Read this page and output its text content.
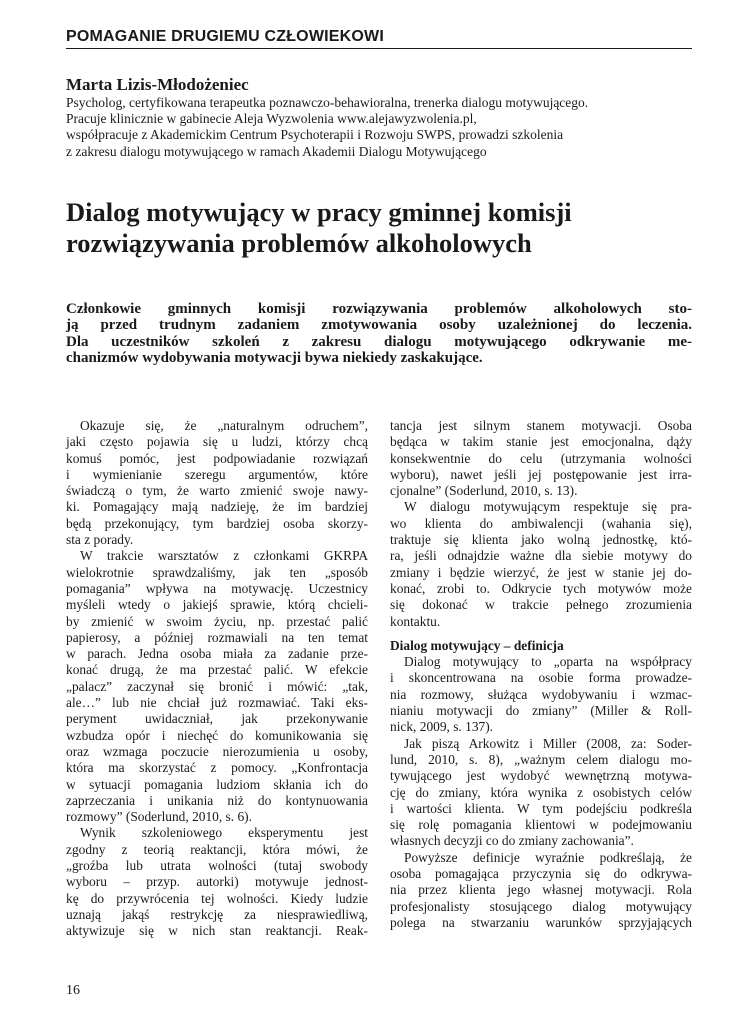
POMAGANIE DRUGIEMU CZŁOWIEKOWI

Marta Lizis-Młodożeniec

Psycholog, certyfikowana terapeutka poznawczo-behawioralna, trenerka dialogu motywującego.
Pracuje klinicznie w gabinecie Aleja Wyzwolenia www.alejawyzwolenia.pl,
współpracuje z Akademickim Centrum Psychoterapii i Rozwoju SWPS, prowadzi szkolenia
z zakresu dialogu motywującego w ramach Akademii Dialogu Motywującego
Dialog motywujący w pracy gminnej komisji
rozwiązywania problemów alkoholowych
Członkowie gminnych komisji rozwiązywania problemów alkoholowych sto-
ją przed trudnym zadaniem zmotywowania osoby uzależnionej do leczenia.
Dla uczestników szkoleń z zakresu dialogu motywującego odkrywanie me-
chanizmów wydobywania motywacji bywa niekiedy zaskakujące.
Okazuje się, że „naturalnym odruchem”,
jaki często pojawia się u ludzi, którzy chcą
komuś pomóc, jest podpowiadanie rozwiązań
i wymienianie szeregu argumentów, które
świadczą o tym, że warto zmienić swoje nawy-
ki. Pomagający mają nadzieję, że im bardziej
będą przekonujący, tym bardziej osoba skorzy-
sta z porady.
W trakcie warsztatów z członkami GKRPA
wielokrotnie sprawdzaliśmy, jak ten „sposób
pomagania” wpływa na motywację. Uczestnicy
myśleli wtedy o jakiejś sprawie, którą chcieli-
by zmienić w swoim życiu, np. przestać palić
papierosy, a później rozmawiali na ten temat
w parach. Jedna osoba miała za zadanie prze-
konać drugą, że ma przestać palić. W efekcie
„palacz” zaczynał się bronić i mówić: „tak,
ale…” lub nie chciał już rozmawiać. Taki eks-
peryment uwidaczniał, jak przekonywanie
wzbudza opór i niechęć do komunikowania się
oraz wzmaga poczucie nierozumienia u osoby,
która ma skorzystać z pomocy. „Konfrontacja
w sytuacji pomagania ludziom skłania ich do
zaprzeczania i unikania niż do kontynuowania
rozmowy” (Soderlund, 2010, s. 6).
Wynik szkoleniowego eksperymentu jest
zgodny z teorią reaktancji, która mówi, że
„groźba lub utrata wolności (tutaj swobody
wyboru – przyp. autorki) motywuje jednost-
kę do przywrócenia tej wolności. Kiedy ludzie
uznają jakąś restrykcję za niesprawiedliwą,
aktywizuje się w nich stan reaktancji. Reak-
tancja jest silnym stanem motywacji. Osoba
będąca w takim stanie jest emocjonalna, dąży
konsekwentnie do celu (utrzymania wolności
wyboru), nawet jeśli jej postępowanie jest irra-
cjonalne” (Soderlund, 2010, s. 13).
W dialogu motywującym respektuje się pra-
wo klienta do ambiwalencji (wahania się),
traktuje się klienta jako wolną jednostkę, któ-
ra, jeśli odnajdzie ważne dla siebie motywy do
zmiany i będzie wierzyć, że jest w stanie jej do-
konać, zrobi to. Odkrycie tych motywów może
się dokonać w trakcie pełnego zrozumienia
kontaktu.
Dialog motywujący – definicja
Dialog motywujący to „oparta na współpracy
i skoncentrowana na osobie forma prowadze-
nia rozmowy, służąca wydobywaniu i wzmac-
nianiu motywacji do zmiany” (Miller & Roll-
nick, 2009, s. 137).
Jak piszą Arkowitz i Miller (2008, za: Soder-
lund, 2010, s. 8), „ważnym celem dialogu mo-
tywującego jest wydobyć wewnętrzną motywa-
cję do zmiany, która wynika z osobistych celów
i wartości klienta. W tym podejściu podkreśla
się rolę pomagania klientowi w podejmowaniu
własnych decyzji co do zmiany zachowania”.
Powyższe definicje wyraźnie podkreślają, że
osoba pomagająca przyczynia się do odkrywa-
nia przez klienta jego własnej motywacji. Rola
profesjonalisty stosującego dialog motywujący
polega na stwarzaniu warunków sprzyjających
16
